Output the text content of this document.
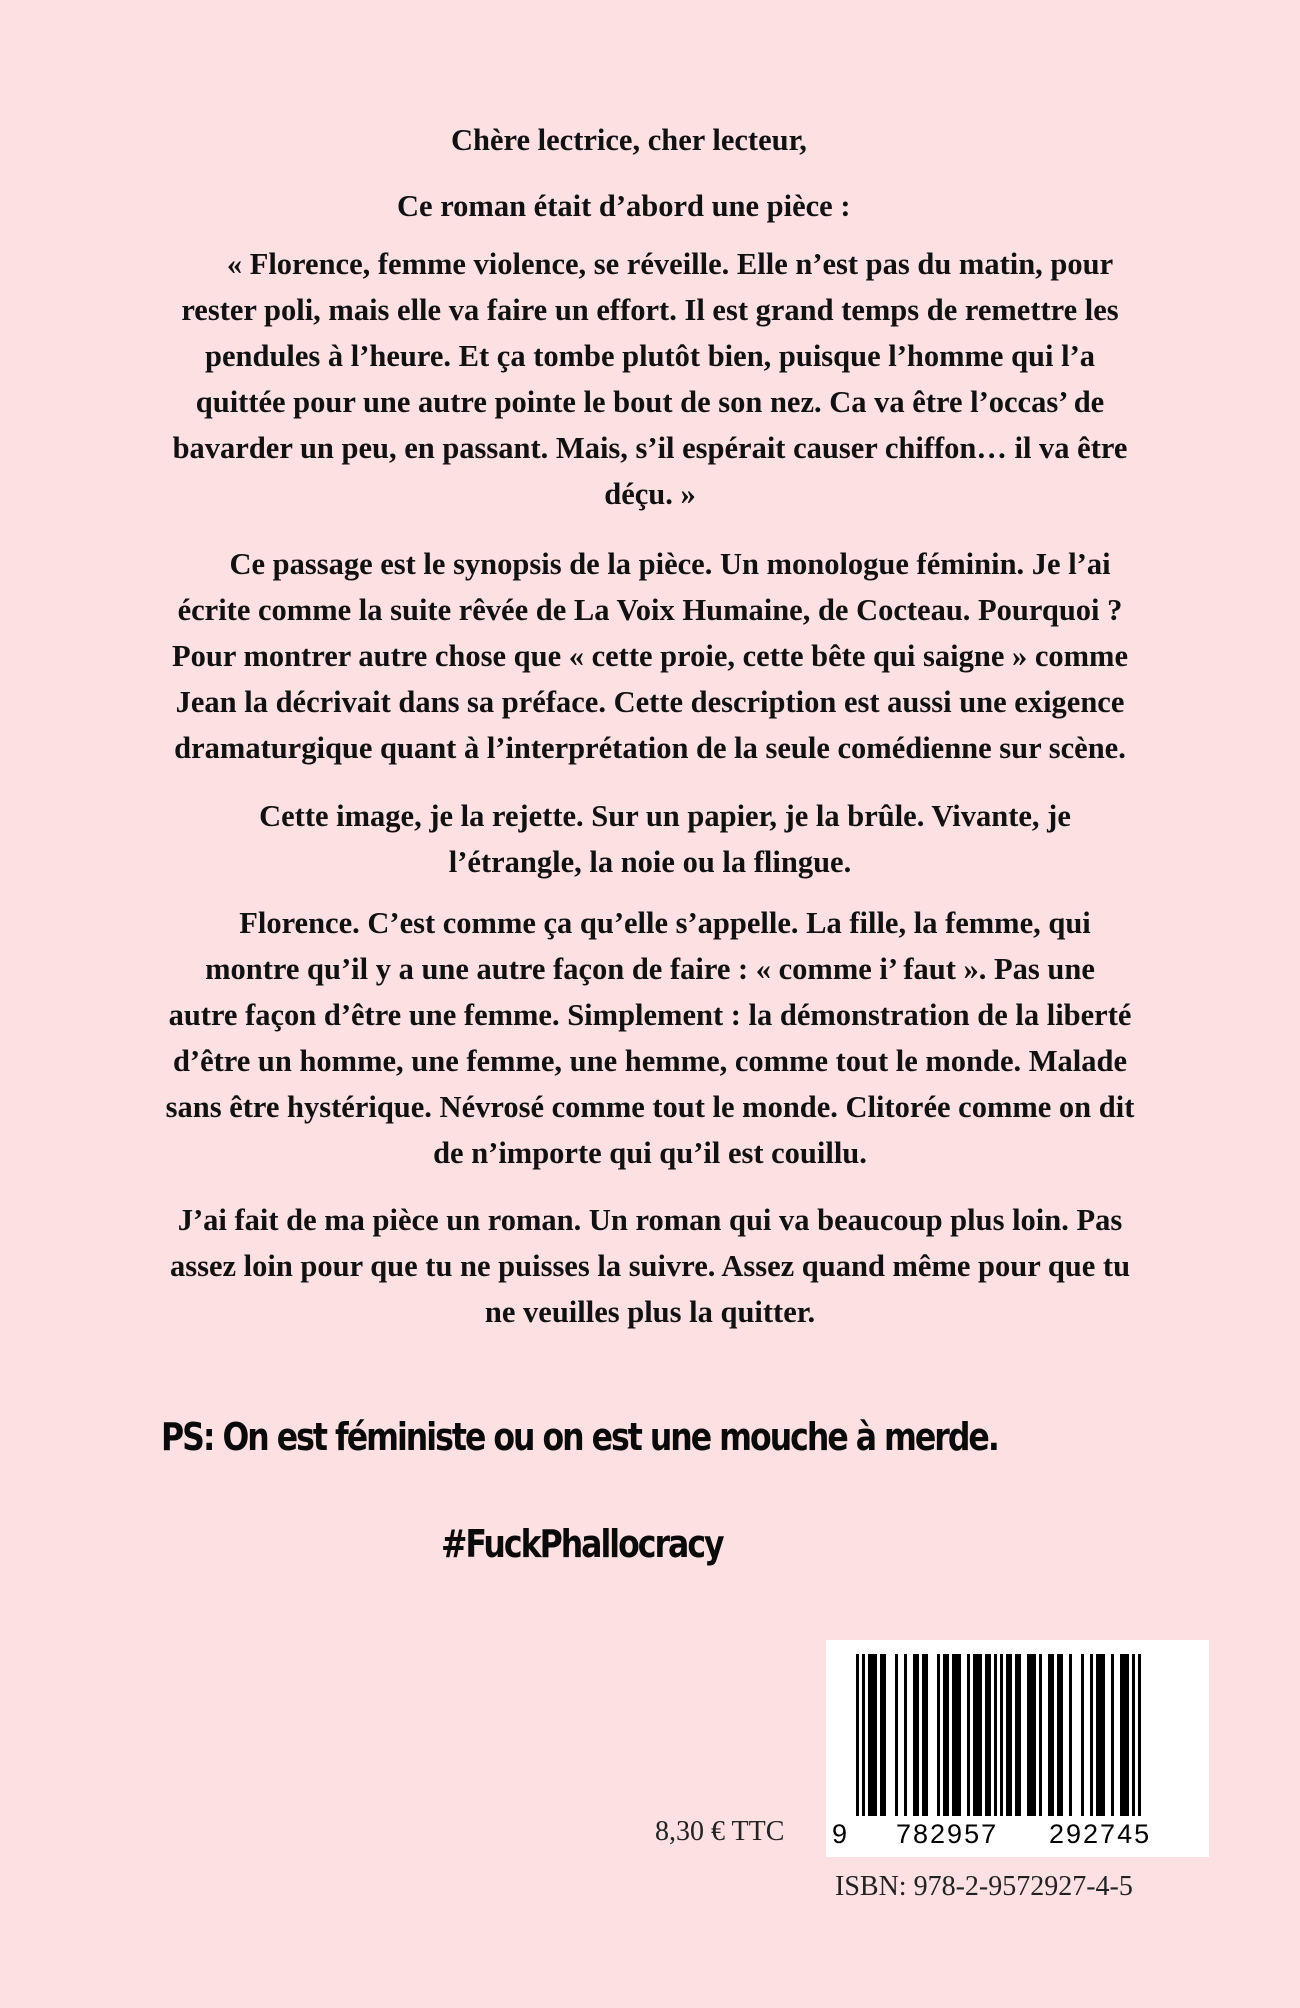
Chère lectrice, cher lecteur,

Ce roman était d’abord une pièce :

« Florence, femme violence, se réveille. Elle n’est pas du matin, pour
rester poli, mais elle va faire un effort. Il est grand temps de remettre les
pendules à l’heure. Et ça tombe plutôt bien, puisque l’homme qui l’a
quittée pour une autre pointe le bout de son nez. Ca va être l’occas’ de
bavarder un peu, en passant. Mais, s’il espérait causer chiffon… il va être
déçu. »
Ce passage est le synopsis de la pièce. Un monologue féminin. Je l’ai
écrite comme la suite rêvée de La Voix Humaine, de Cocteau. Pourquoi ?
Pour montrer autre chose que « cette proie, cette bête qui saigne » comme
Jean la décrivait dans sa préface. Cette description est aussi une exigence
dramaturgique quant à l’interprétation de la seule comédienne sur scène.
Cette image, je la rejette. Sur un papier, je la brûle. Vivante, je
l’étrangle, la noie ou la flingue.
Florence. C’est comme ça qu’elle s’appelle. La fille, la femme, qui
montre qu’il y a une autre façon de faire : « comme i’ faut ». Pas une
autre façon d’être une femme. Simplement : la démonstration de la liberté
d’être un homme, une femme, une hemme, comme tout le monde. Malade
sans être hystérique. Névrosé comme tout le monde. Clitorée comme on dit
de n’importe qui qu’il est couillu.
J’ai fait de ma pièce un roman. Un roman qui va beaucoup plus loin. Pas
assez loin pour que tu ne puisses la suivre. Assez quand même pour que tu
ne veuilles plus la quitter.
PS: On est féministe ou on est une mouche à merde.
#FuckPhallocracy
8,30 € TTC 9 782957 292745
ISBN: 978-2-9572927-4-5
